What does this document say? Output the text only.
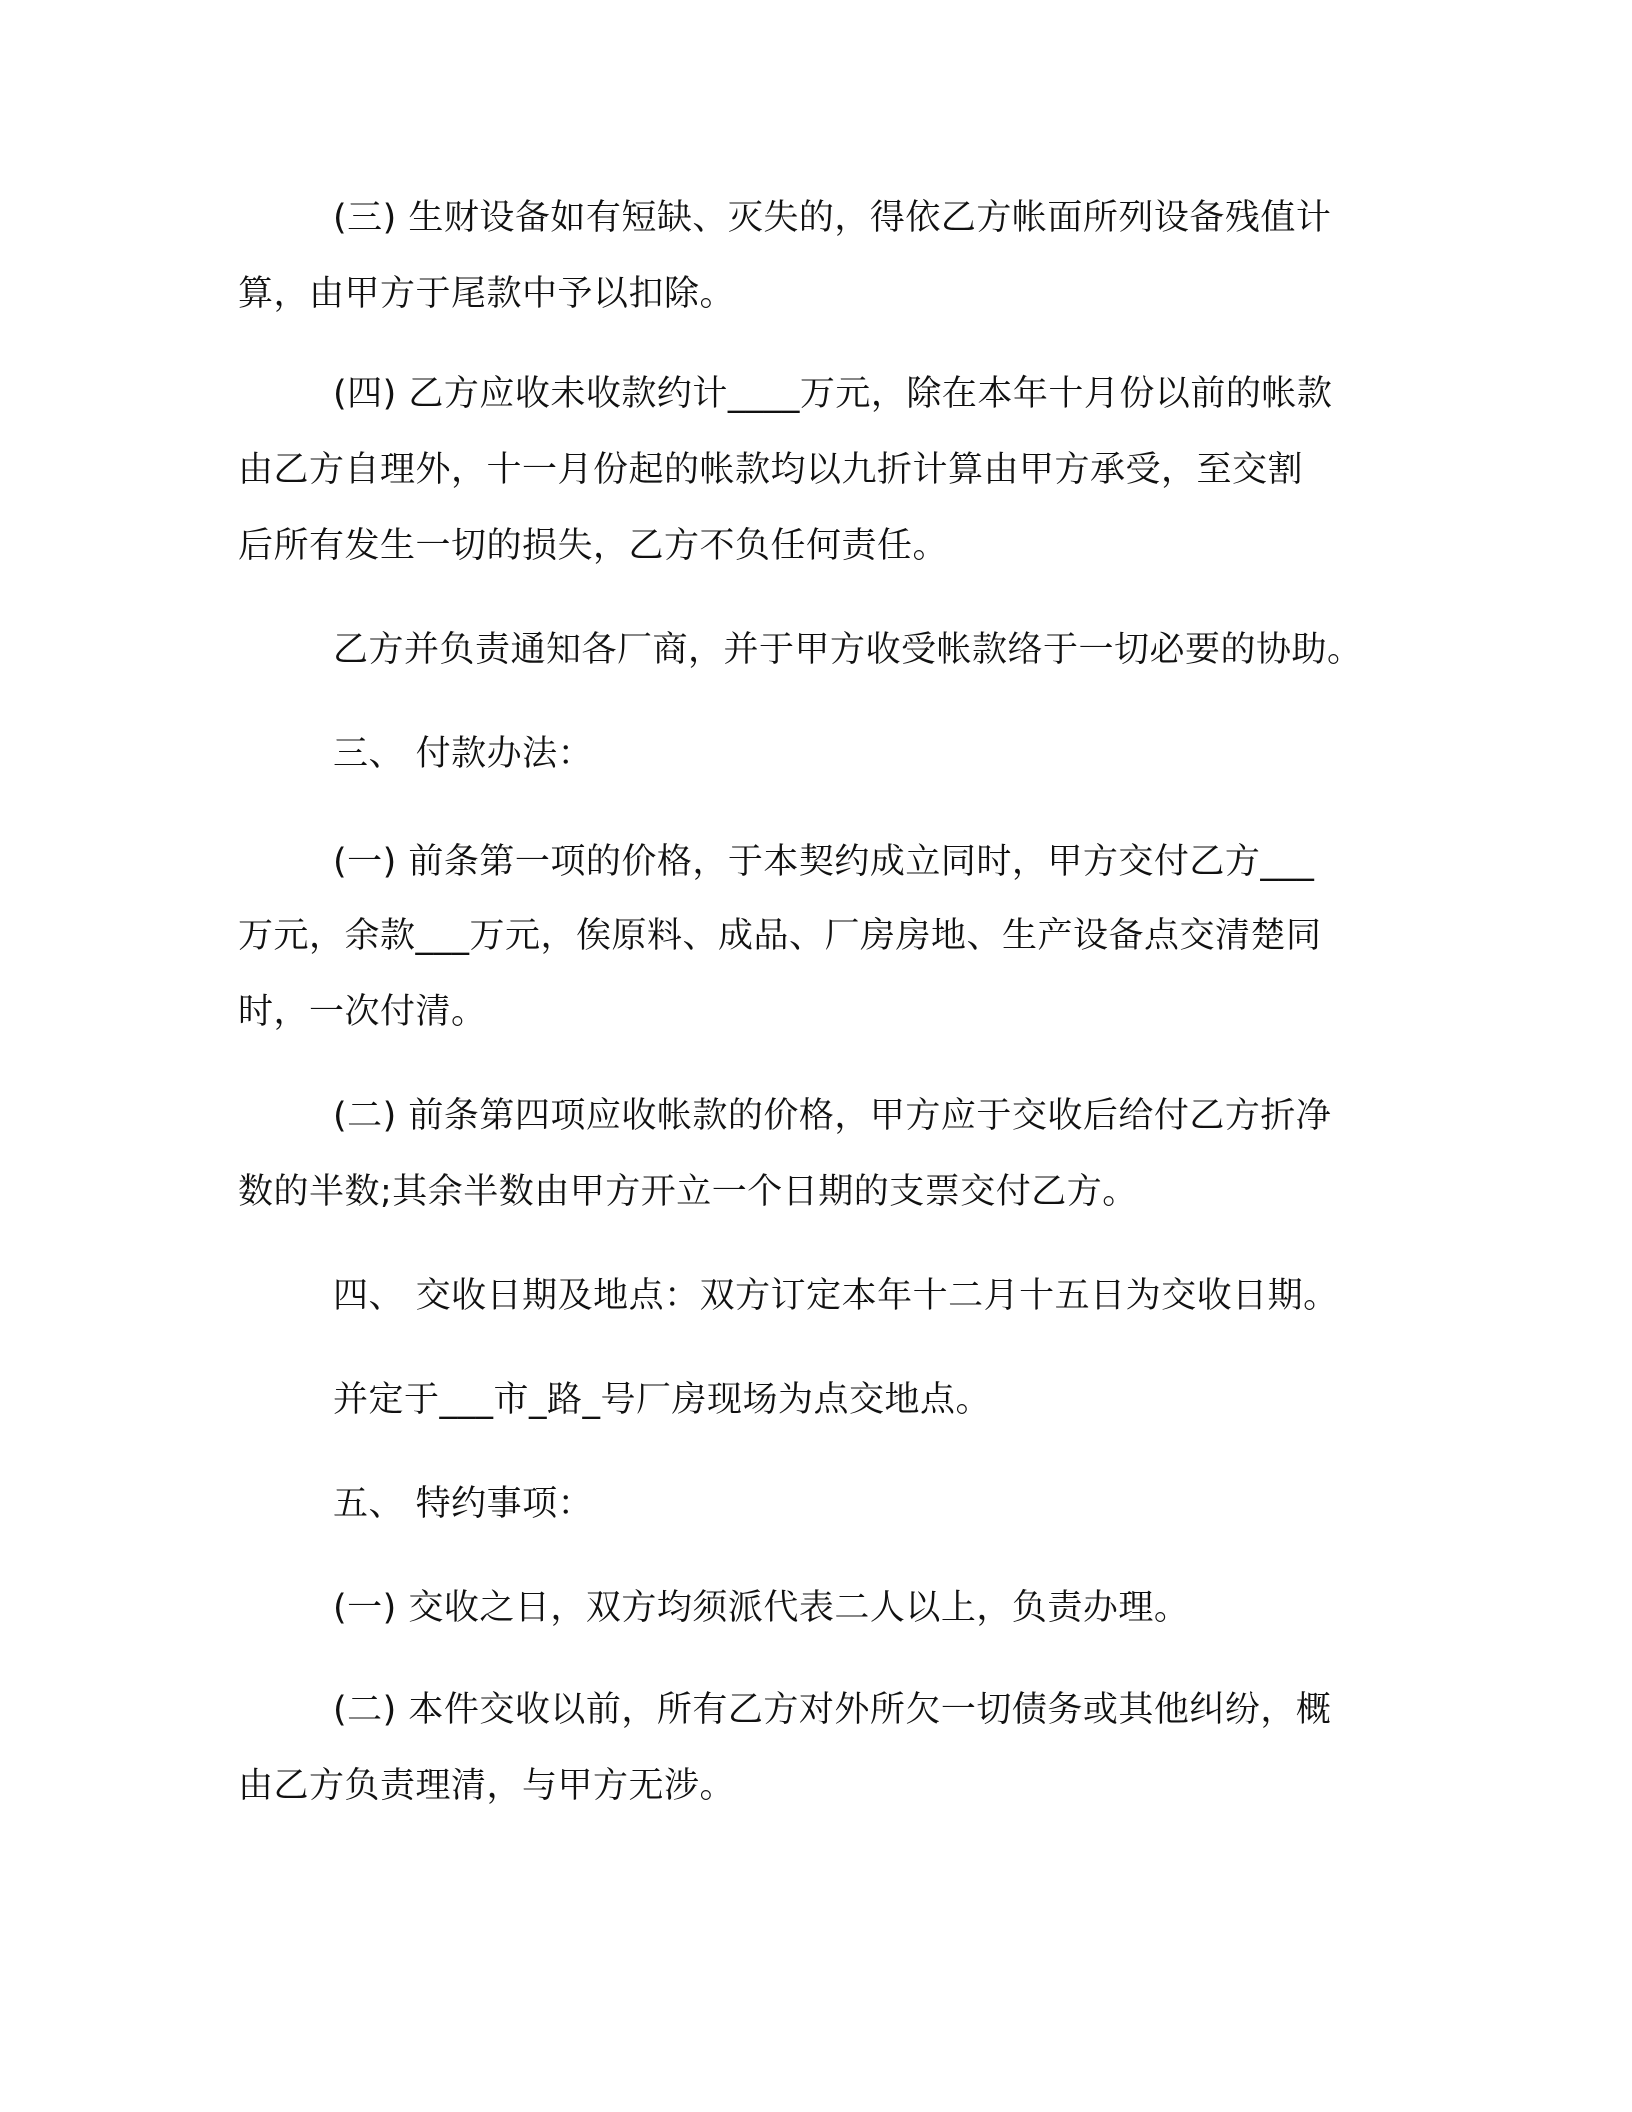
(三) 生财设备如有短缺、灭失的，得依乙方帐面所列设备残值计
算，由甲方于尾款中予以扣除。
(四) 乙方应收未收款约计____万元，除在本年十月份以前的帐款
由乙方自理外，十一月份起的帐款均以九折计算由甲方承受，至交割
后所有发生一切的损失，乙方不负任何责任。
乙方并负责通知各厂商，并于甲方收受帐款络于一切必要的协助。
三、 付款办法：
(一) 前条第一项的价格，于本契约成立同时，甲方交付乙方___
万元，余款___万元，俟原料、成品、厂房房地、生产设备点交清楚同
时，一次付清。
(二) 前条第四项应收帐款的价格，甲方应于交收后给付乙方折净
数的半数;其余半数由甲方开立一个日期的支票交付乙方。
四、 交收日期及地点：双方订定本年十二月十五日为交收日期。
并定于___市_路_号厂房现场为点交地点。
五、 特约事项：
(一) 交收之日，双方均须派代表二人以上，负责办理。
(二) 本件交收以前，所有乙方对外所欠一切债务或其他纠纷，概
由乙方负责理清，与甲方无涉。
